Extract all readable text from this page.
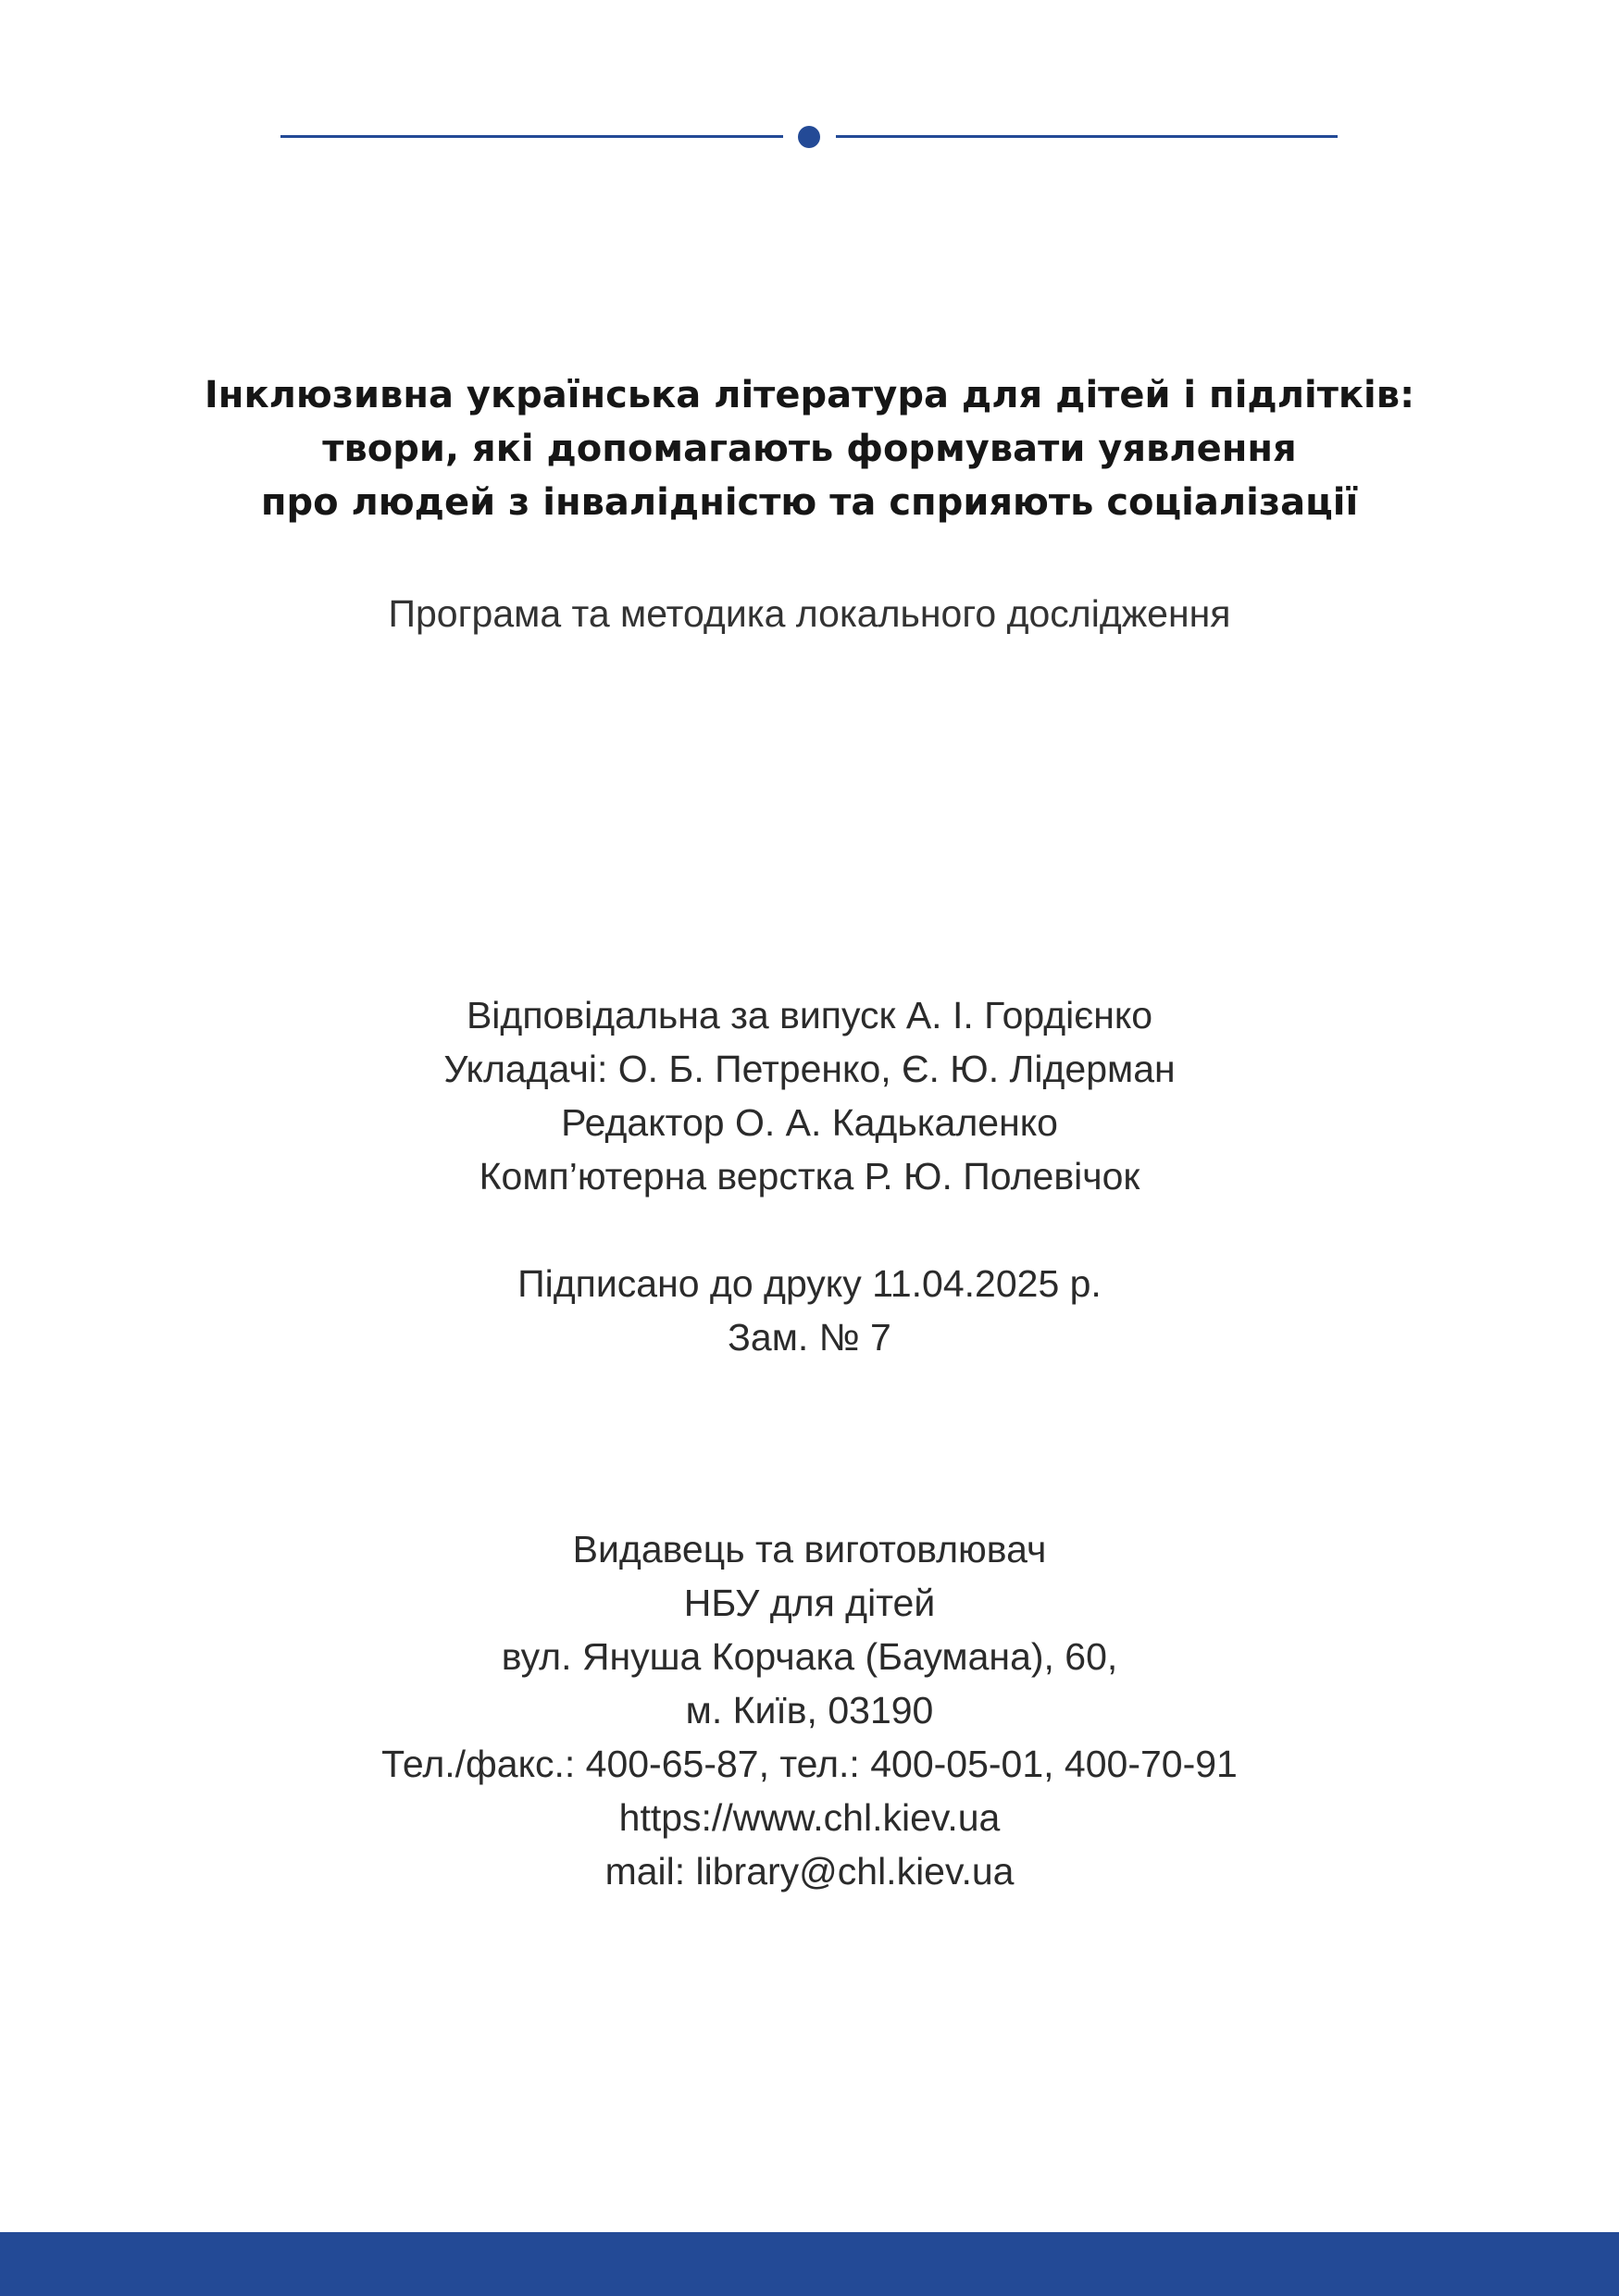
Інклюзивна українська література для дітей і підлітків:
твори, які допомагають формувати уявлення
про людей з інвалідністю та сприяють соціалізації
Програма та методика локального дослідження
Відповідальна за випуск А. І. Гордієнко
Укладачі: О. Б. Петренко, Є. Ю. Лідерман
Редактор О. А. Кадькаленко
Комп’ютерна верстка Р. Ю. Полевічок
Підписано до друку 11.04.2025 р.
Зам. № 7
Видавець та виготовлювач
НБУ для дітей
вул. Януша Корчака (Баумана), 60,
м. Київ, 03190
Тел./факс.: 400-65-87, тел.: 400-05-01, 400-70-91
https://www.chl.kiev.ua
mail: library@chl.kiev.ua
